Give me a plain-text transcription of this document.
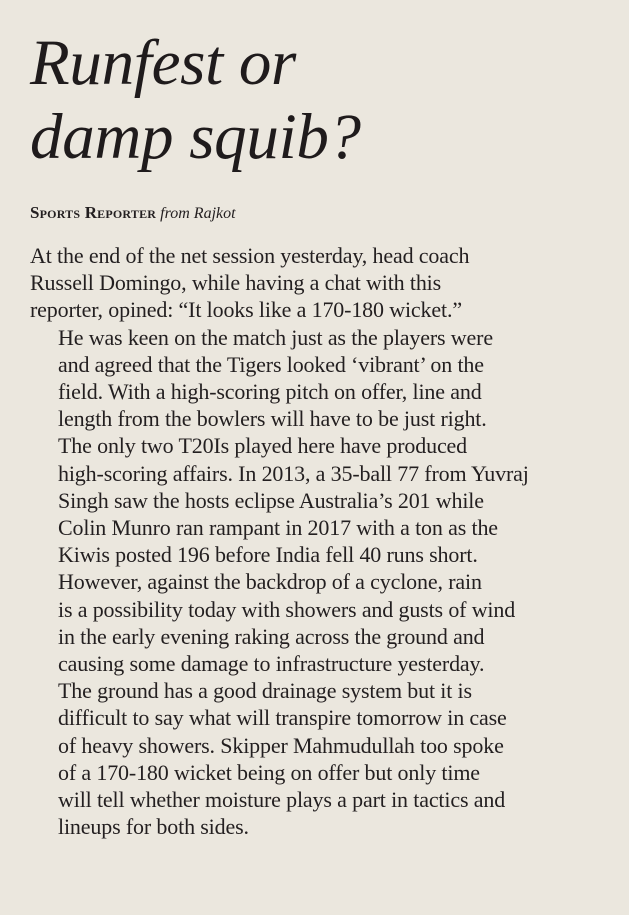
Runfest or
damp squib?
Sports Reporter from Rajkot

At the end of the net session yesterday, head coach
Russell Domingo, while having a chat with this
reporter, opined: “It looks like a 170-180 wicket.”

He was keen on the match just as the players were
and agreed that the Tigers looked ‘vibrant’ on the
field. With a high-scoring pitch on offer, line and
length from the bowlers will have to be just right.

The only two T20Is played here have produced
high-scoring affairs. In 2013, a 35-ball 77 from Yuvraj
Singh saw the hosts eclipse Australia’s 201 while
Colin Munro ran rampant in 2017 with a ton as the
Kiwis posted 196 before India fell 40 runs short.

However, against the backdrop of a cyclone, rain
is a possibility today with showers and gusts of wind
in the early evening raking across the ground and
causing some damage to infrastructure yesterday.

The ground has a good drainage system but it is
difficult to say what will transpire tomorrow in case
of heavy showers. Skipper Mahmudullah too spoke
of a 170-180 wicket being on offer but only time
will tell whether moisture plays a part in tactics and
lineups for both sides.
